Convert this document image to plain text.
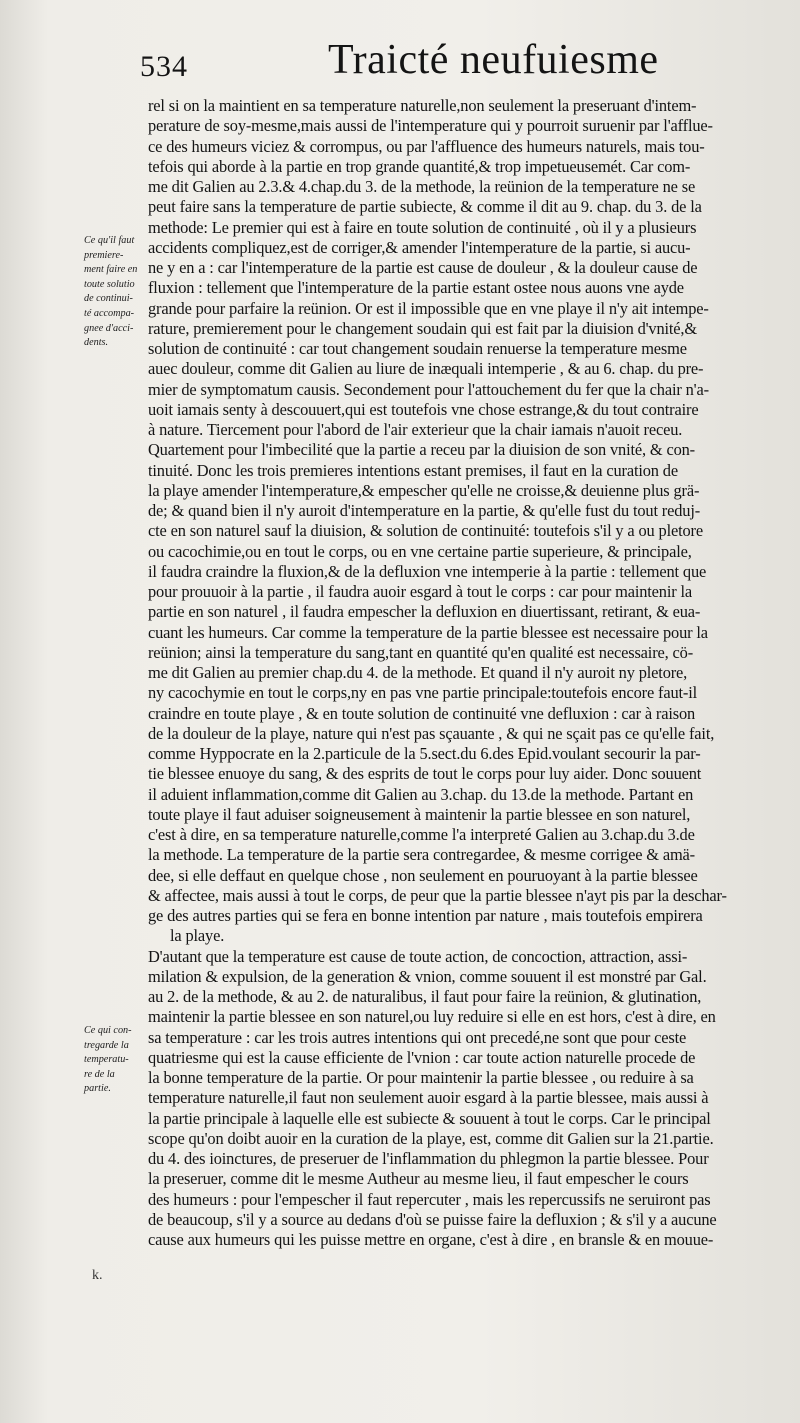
534	Traicté neufuiesme
Ce qu'il faut
premiere-
ment faire en
toute solutio
de continui-
té accompa-
gnee d'acci-
dents.
Ce qui con-
tregarde la
temperatu-
re de la
partie.
k.
rel si on la maintient en sa temperature naturelle,non seulement la preseruant d'intem-
perature de soy-mesme,mais aussi de l'intemperature qui y pourroit suruenir par l'afflue-
ce des humeurs viciez & corrompus, ou par l'affluence des humeurs naturels, mais tou-
tefois qui aborde à la partie en trop grande quantité,& trop impetueusemét. Car com-
me dit Galien au 2.3.& 4.chap.du 3. de la methode, la reünion de la temperature ne se
peut faire sans la temperature de partie subiecte, & comme il dit au 9. chap. du 3. de la
methode: Le premier qui est à faire en toute solution de continuité , où il y a plusieurs
accidents compliquez,est de corriger,& amender l'intemperature de la partie, si aucu-
ne y en a : car l'intemperature de la partie est cause de douleur , & la douleur cause de
fluxion : tellement que l'intemperature de la partie estant ostee nous auons vne ayde
grande pour parfaire la reünion. Or est il impossible que en vne playe il n'y ait intempe-
rature, premierement pour le changement soudain qui est fait par la diuision d'vnité,&
solution de continuité : car tout changement soudain renuerse la temperature mesme
auec douleur, comme dit Galien au liure de inæquali intemperie , & au 6. chap. du pre-
mier de symptomatum causis. Secondement pour l'attouchement du fer que la chair n'a-
uoit iamais senty à descouuert,qui est toutefois vne chose estrange,& du tout contraire
à nature. Tiercement pour l'abord de l'air exterieur que la chair iamais n'auoit receu.
Quartement pour l'imbecilité que la partie a receu par la diuision de son vnité, & con-
tinuité. Donc les trois premieres intentions estant premises, il faut en la curation de
la playe amender l'intemperature,& empescher qu'elle ne croisse,& deuienne plus grä-
de; & quand bien il n'y auroit d'intemperature en la partie, & qu'elle fust du tout reduj-
cte en son naturel sauf la diuision, & solution de continuité: toutefois s'il y a ou pletore
ou cacochimie,ou en tout le corps, ou en vne certaine partie superieure, & principale,
il faudra craindre la fluxion,& de la defluxion vne intemperie à la partie : tellement que
pour prouuoir à la partie , il faudra auoir esgard à tout le corps : car pour maintenir la
partie en son naturel , il faudra empescher la defluxion en diuertissant, retirant, & eua-
cuant les humeurs. Car comme la temperature de la partie blessee est necessaire pour la
reünion; ainsi la temperature du sang,tant en quantité qu'en qualité est necessaire, cö-
me dit Galien au premier chap.du 4. de la methode. Et quand il n'y auroit ny pletore,
ny cacochymie en tout le corps,ny en pas vne partie principale:toutefois encore faut-il
craindre en toute playe , & en toute solution de continuité vne defluxion : car à raison
de la douleur de la playe, nature qui n'est pas sçauante , & qui ne sçait pas ce qu'elle fait,
comme Hyppocrate en la 2.particule de la 5.sect.du 6.des Epid.voulant secourir la par-
tie blessee enuoye du sang, & des esprits de tout le corps pour luy aider. Donc souuent
il aduient inflammation,comme dit Galien au 3.chap. du 13.de la methode. Partant en
toute playe il faut aduiser soigneusement à maintenir la partie blessee en son naturel,
c'est à dire, en sa temperature naturelle,comme l'a interpreté Galien au 3.chap.du 3.de
la methode. La temperature de la partie sera contregardee, & mesme corrigee & amä-
dee, si elle deffaut en quelque chose , non seulement en pouruoyant à la partie blessee
& affectee, mais aussi à tout le corps, de peur que la partie blessee n'ayt pis par la deschar-
ge des autres parties qui se fera en bonne intention par nature , mais toutefois empirera
la playe.
D'autant que la temperature est cause de toute action, de concoction, attraction, assi-
milation & expulsion, de la generation & vnion, comme souuent il est monstré par Gal.
au 2. de la methode, & au 2. de naturalibus, il faut pour faire la reünion, & glutination,
maintenir la partie blessee en son naturel,ou luy reduire si elle en est hors, c'est à dire, en
sa temperature : car les trois autres intentions qui ont precedé,ne sont que pour ceste
quatriesme qui est la cause efficiente de l'vnion : car toute action naturelle procede de
la bonne temperature de la partie. Or pour maintenir la partie blessee , ou reduire à sa
temperature naturelle,il faut non seulement auoir esgard à la partie blessee, mais aussi à
la partie principale à laquelle elle est subiecte & souuent à tout le corps. Car le principal
scope qu'on doibt auoir en la curation de la playe, est, comme dit Galien sur la 21.partie.
du 4. des ioinctures, de preseruer de l'inflammation du phlegmon la partie blessee. Pour
la preseruer, comme dit le mesme Autheur au mesme lieu, il faut empescher le cours
des humeurs : pour l'empescher il faut repercuter , mais les repercussifs ne seruiront pas
de beaucoup, s'il y a source au dedans d'où se puisse faire la defluxion ; & s'il y a aucune
cause aux humeurs qui les puisse mettre en organe, c'est à dire , en bransle & en mouue-
